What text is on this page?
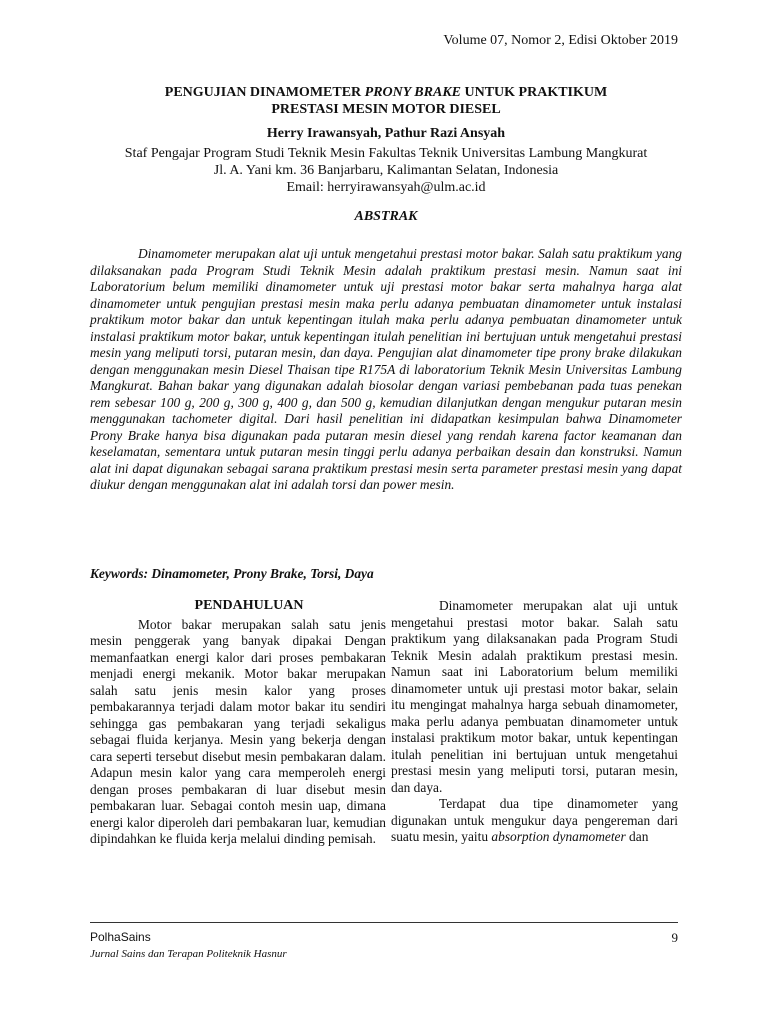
Volume 07, Nomor 2, Edisi Oktober 2019
PENGUJIAN DINAMOMETER PRONY BRAKE UNTUK PRAKTIKUM
PRESTASI MESIN MOTOR DIESEL
Herry Irawansyah, Pathur Razi Ansyah
Staf Pengajar Program Studi Teknik Mesin Fakultas Teknik Universitas Lambung Mangkurat
Jl. A. Yani km. 36 Banjarbaru, Kalimantan Selatan, Indonesia
Email: herryirawansyah@ulm.ac.id
ABSTRAK
Dinamometer merupakan alat uji untuk mengetahui prestasi motor bakar. Salah satu praktikum yang dilaksanakan pada Program Studi Teknik Mesin adalah praktikum prestasi mesin. Namun saat ini Laboratorium belum memiliki dinamometer untuk uji prestasi motor bakar serta mahalnya harga alat dinamometer untuk pengujian prestasi mesin maka perlu adanya pembuatan dinamometer untuk instalasi praktikum motor bakar dan untuk kepentingan itulah maka perlu adanya pembuatan dinamometer untuk instalasi praktikum motor bakar, untuk kepentingan itulah penelitian ini bertujuan untuk mengetahui prestasi mesin yang meliputi torsi, putaran mesin, dan daya. Pengujian alat dinamometer tipe prony brake dilakukan dengan menggunakan mesin Diesel Thaisan tipe R175A di laboratorium Teknik Mesin Universitas Lambung Mangkurat. Bahan bakar yang digunakan adalah biosolar dengan variasi pembebanan pada tuas penekan rem sebesar 100 g, 200 g, 300 g, 400 g, dan 500 g, kemudian dilanjutkan dengan mengukur putaran mesin menggunakan tachometer digital. Dari hasil penelitian ini didapatkan kesimpulan bahwa Dinamometer Prony Brake hanya bisa digunakan pada putaran mesin diesel yang rendah karena factor keamanan dan keselamatan, sementara untuk putaran mesin tinggi perlu adanya perbaikan desain dan konstruksi. Namun alat ini dapat digunakan sebagai sarana praktikum prestasi mesin serta parameter prestasi mesin yang dapat diukur dengan menggunakan alat ini adalah torsi dan power mesin.
Keywords: Dinamometer, Prony Brake, Torsi, Daya
PENDAHULUAN

Motor bakar merupakan salah satu jenis mesin penggerak yang banyak dipakai Dengan memanfaatkan energi kalor dari proses pembakaran menjadi energi mekanik. Motor bakar merupakan salah satu jenis mesin kalor yang proses pembakarannya terjadi dalam motor bakar itu sendiri sehingga gas pembakaran yang terjadi sekaligus sebagai fluida kerjanya. Mesin yang bekerja dengan cara seperti tersebut disebut mesin pembakaran dalam. Adapun mesin kalor yang cara memperoleh energi dengan proses pembakaran di luar disebut mesin pembakaran luar. Sebagai contoh mesin uap, dimana energi kalor diperoleh dari pembakaran luar, kemudian dipindahkan ke fluida kerja melalui dinding pemisah.

Dinamometer merupakan alat uji untuk mengetahui prestasi motor bakar. Salah satu praktikum yang dilaksanakan pada Program Studi Teknik Mesin adalah praktikum prestasi mesin. Namun saat ini Laboratorium belum memiliki dinamometer untuk uji prestasi motor bakar, selain itu mengingat mahalnya harga sebuah dinamometer, maka perlu adanya pembuatan dinamometer untuk instalasi praktikum motor bakar, untuk kepentingan itulah penelitian ini bertujuan untuk mengetahui prestasi mesin yang meliputi torsi, putaran mesin, dan daya.

Terdapat dua tipe dinamometer yang digunakan untuk mengukur daya pengereman dari suatu mesin, yaitu absorption dynamometer dan

PolhaSains
Jurnal Sains dan Terapan Politeknik Hasnur
9
